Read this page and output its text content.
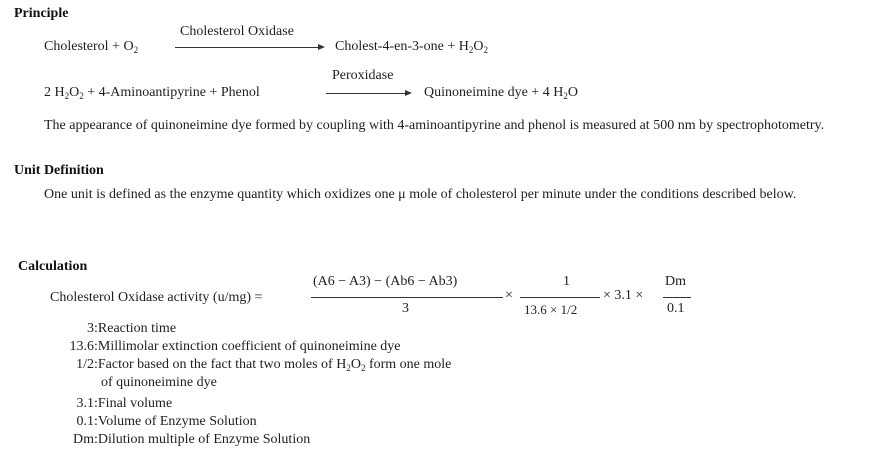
Principle
Cholesterol + $O_2$
Cholesterol Oxidase
Cholest-4-en-3-one + $H_2O_2$
2 $H_2O_2$ + 4-Aminoantipyrine + Phenol
Peroxidase
Quinoneimine dye + 4 $H_2O$
The appearance of quinoneimine dye formed by coupling with 4-aminoantipyrine and phenol is measured at 500 nm by spectrophotometry.
Unit Definition
One unit is defined as the enzyme quantity which oxidizes one μ mole of cholesterol per minute under the conditions described below.
Calculation
Cholesterol Oxidase activity (u/mg) =
(A6 − A3) − (Ab6 − Ab3)
3
×
1
13.6 × 1/2
× 3.1 ×
Dm
0.1
3:Reaction time
13.6:Millimolar extinction coefficient of quinoneimine dye
1/2:Factor based on the fact that two moles of $H_2O_2$ form one mole
of quinoneimine dye
3.1:Final volume
0.1:Volume of Enzyme Solution
Dm:Dilution multiple of Enzyme Solution
